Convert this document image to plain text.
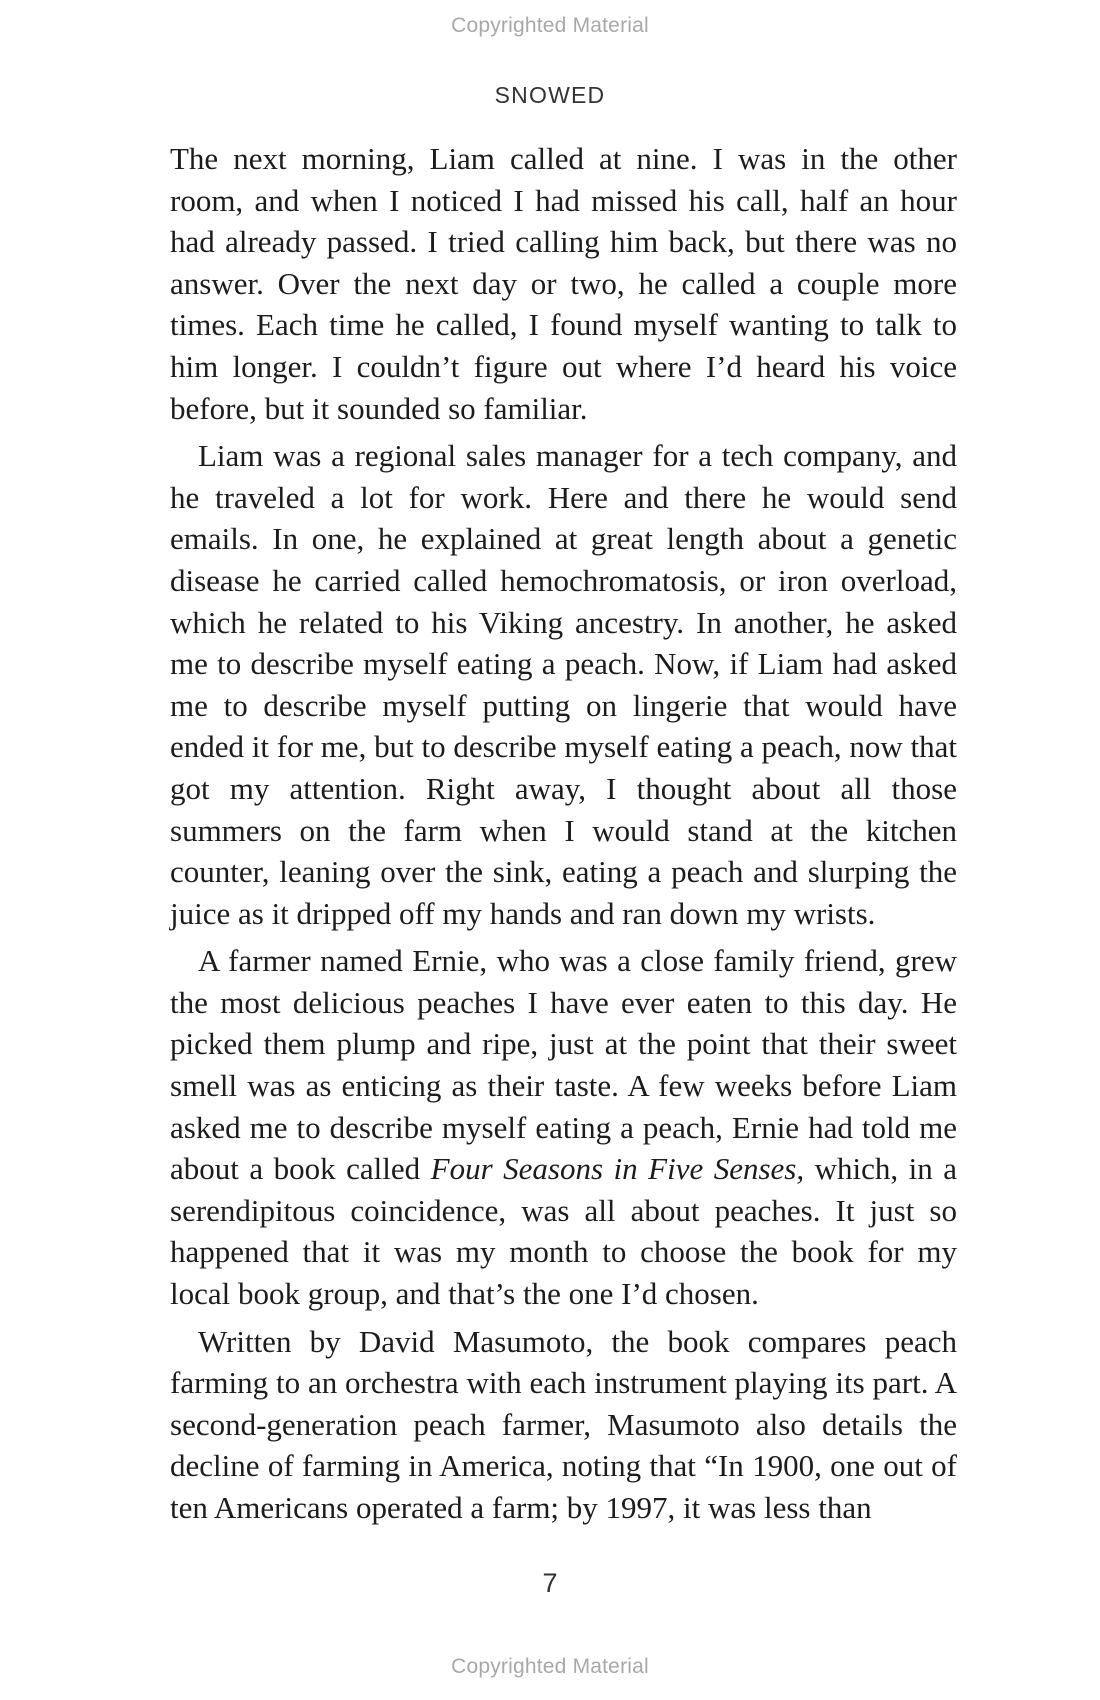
Copyrighted Material
SNOWED

The next morning, Liam called at nine. I was in the other room, and when I noticed I had missed his call, half an hour had already passed. I tried calling him back, but there was no answer. Over the next day or two, he called a couple more times. Each time he called, I found myself wanting to talk to him longer. I couldn’t figure out where I’d heard his voice before, but it sounded so familiar.

Liam was a regional sales manager for a tech company, and he traveled a lot for work. Here and there he would send emails. In one, he explained at great length about a genetic disease he carried called hemochromatosis, or iron overload, which he related to his Viking ancestry. In another, he asked me to describe myself eating a peach. Now, if Liam had asked me to describe myself putting on lingerie that would have ended it for me, but to describe myself eating a peach, now that got my attention. Right away, I thought about all those summers on the farm when I would stand at the kitchen counter, leaning over the sink, eating a peach and slurping the juice as it dripped off my hands and ran down my wrists.

A farmer named Ernie, who was a close family friend, grew the most delicious peaches I have ever eaten to this day. He picked them plump and ripe, just at the point that their sweet smell was as enticing as their taste. A few weeks before Liam asked me to describe myself eating a peach, Ernie had told me about a book called Four Seasons in Five Senses, which, in a serendipitous coincidence, was all about peaches. It just so happened that it was my month to choose the book for my local book group, and that’s the one I’d chosen.

Written by David Masumoto, the book compares peach farming to an orchestra with each instrument playing its part. A second-generation peach farmer, Masumoto also details the decline of farming in America, noting that “In 1900, one out of ten Americans operated a farm; by 1997, it was less than

7
Copyrighted Material
